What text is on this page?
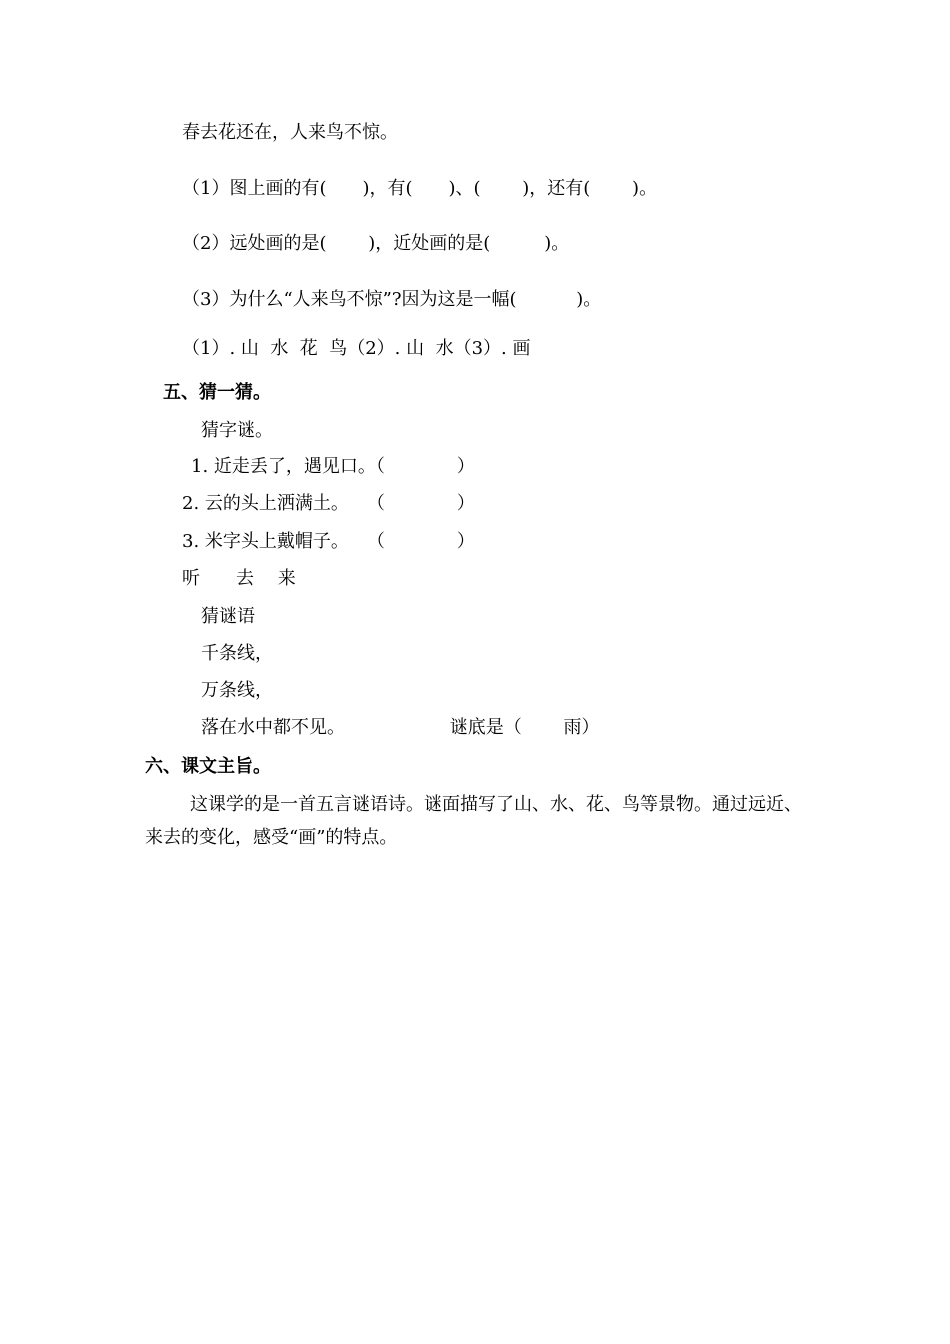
春去花还在，人来鸟不惊。
（1）图上画的有(　　)，有(　　)、(　　 )，还有(　　 )。
（2）远处画的是(　　 )，近处画的是(　　　)。
（3）为什么“人来鸟不惊”?因为这是一幅(　　　 )。
（1）. 山  水  花  鸟（2）. 山  水（3）. 画
五、猜一猜。
猜字谜。
1. 近走丢了，遇见口。（　　　　）
2. 云的头上洒满土。　　（　　　　）
3. 米字头上戴帽子。　　（　　　　）
听　　去　 来
猜谜语
千条线，
万条线，
落在水中都不见。　　　　　　 谜底是（　　 雨）
六、课文主旨。
这课学的是一首五言谜语诗。谜面描写了山、水、花、鸟等景物。通过远近、来去的变化，感受“画”的特点。
